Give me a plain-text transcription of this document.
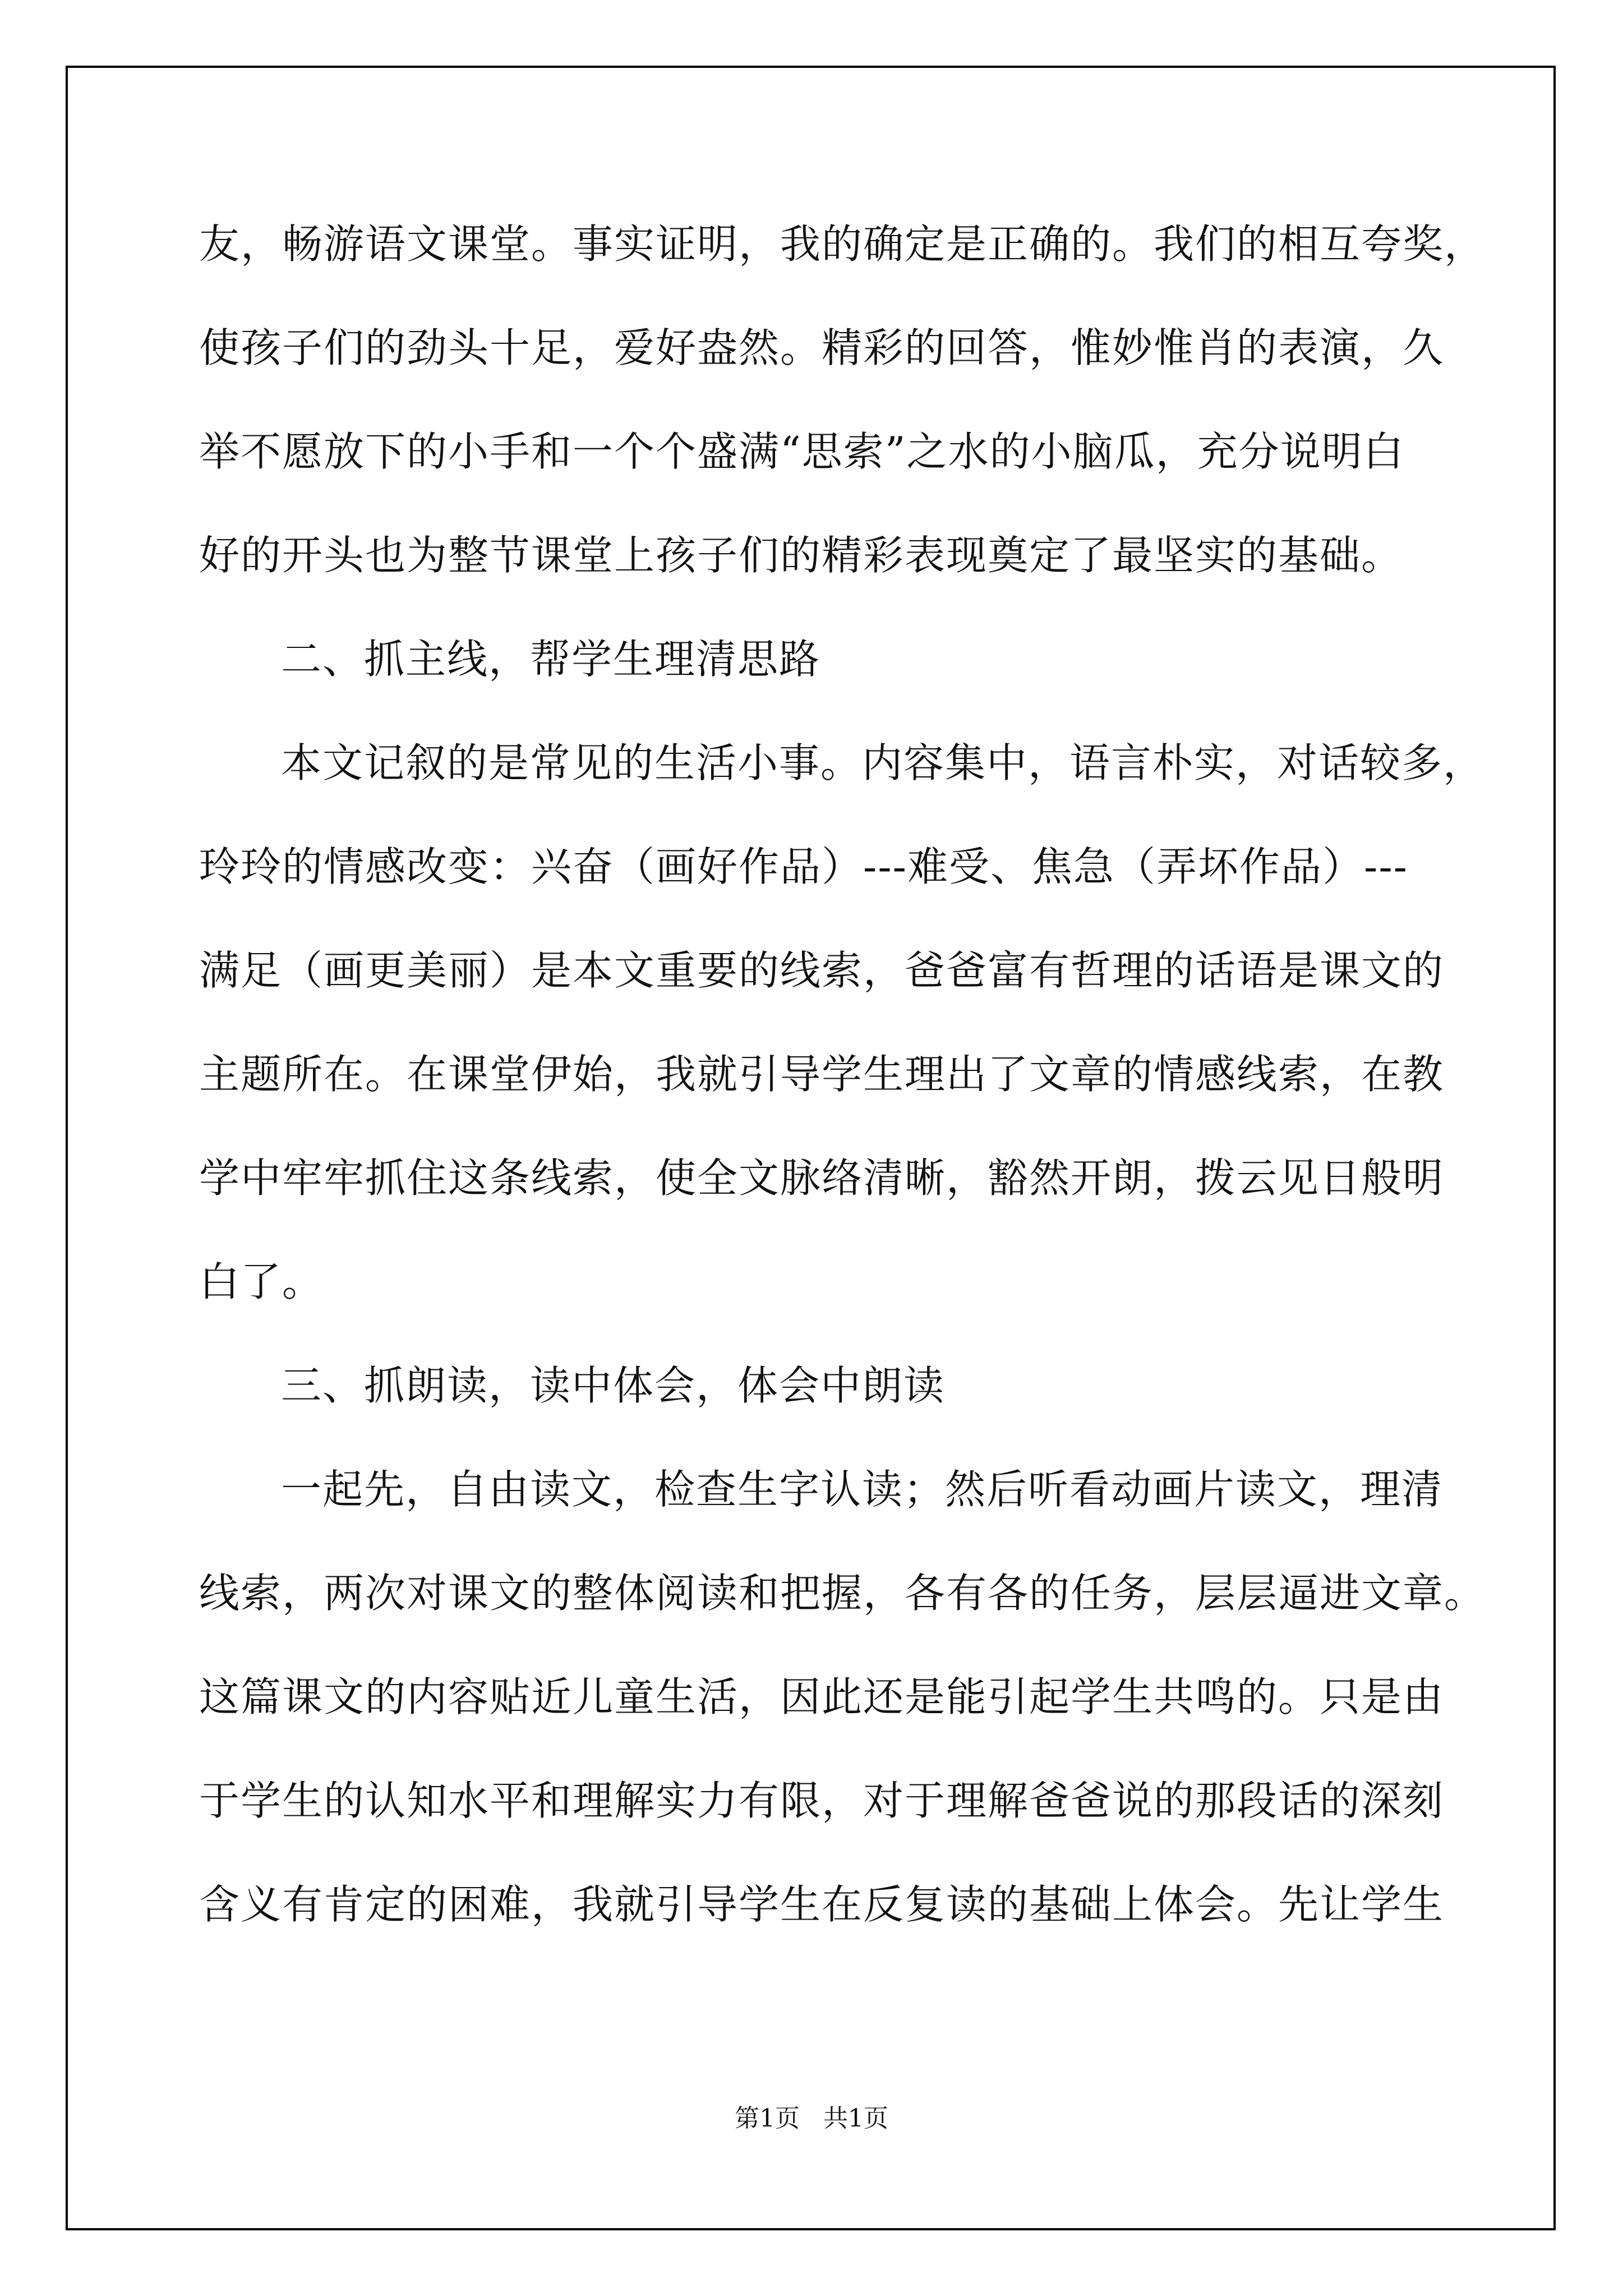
友，畅游语文课堂。事实证明，我的确定是正确的。我们的相互夸奖，
使孩子们的劲头十足，爱好盎然。精彩的回答，惟妙惟肖的表演，久
举不愿放下的小手和一个个盛满“思索”之水的小脑瓜，充分说明白
好的开头也为整节课堂上孩子们的精彩表现奠定了最坚实的基础。
二、抓主线，帮学生理清思路
本文记叙的是常见的生活小事。内容集中，语言朴实，对话较多，
玲玲的情感改变：兴奋（画好作品）---难受、焦急（弄坏作品）---
满足（画更美丽）是本文重要的线索，爸爸富有哲理的话语是课文的
主题所在。在课堂伊始，我就引导学生理出了文章的情感线索，在教
学中牢牢抓住这条线索，使全文脉络清晰，豁然开朗，拨云见日般明
白了。
三、抓朗读，读中体会，体会中朗读
一起先，自由读文，检查生字认读；然后听看动画片读文，理清
线索，两次对课文的整体阅读和把握，各有各的任务，层层逼进文章。
这篇课文的内容贴近儿童生活，因此还是能引起学生共鸣的。只是由
于学生的认知水平和理解实力有限，对于理解爸爸说的那段话的深刻
含义有肯定的困难，我就引导学生在反复读的基础上体会。先让学生
第1页   共1页
